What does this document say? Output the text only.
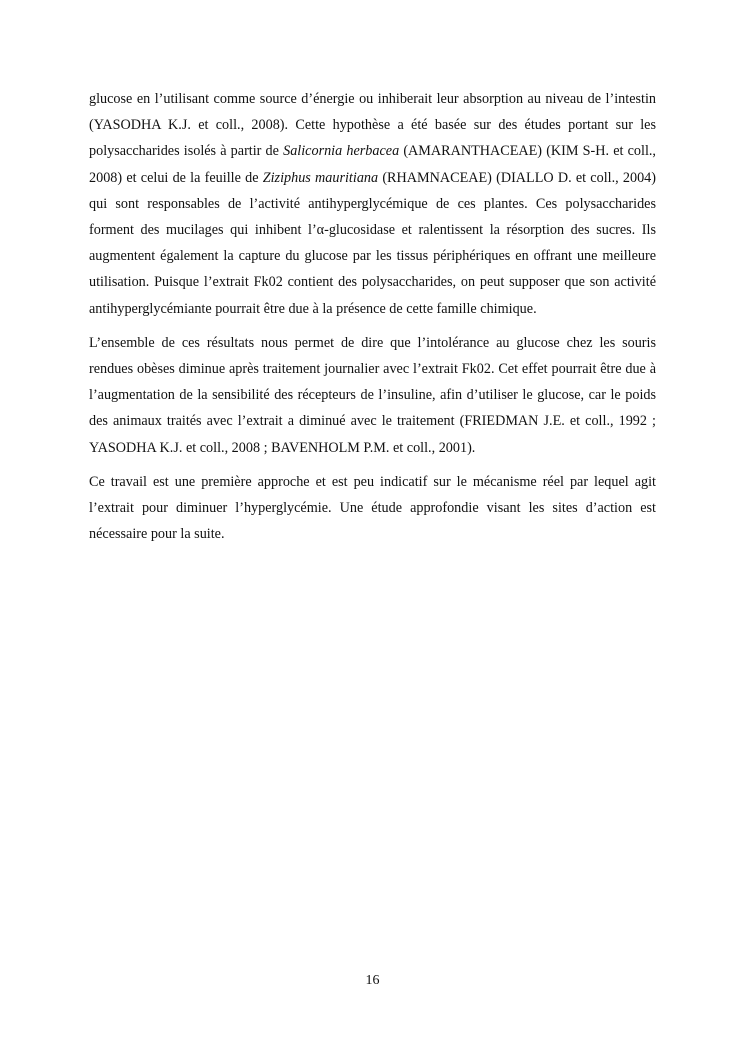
glucose en l’utilisant comme source d’énergie ou inhiberait leur absorption au niveau de l’intestin (YASODHA K.J. et coll., 2008). Cette hypothèse a été basée sur des études portant sur les polysaccharides isolés à partir de Salicornia herbacea (AMARANTHACEAE) (KIM S-H. et coll., 2008) et celui de la feuille de Ziziphus mauritiana (RHAMNACEAE) (DIALLO D. et coll., 2004) qui sont responsables de l’activité antihyperglycémique de ces plantes. Ces polysaccharides forment des mucilages qui inhibent l’α-glucosidase et ralentissent la résorption des sucres. Ils augmentent également la capture du glucose par les tissus périphériques en offrant une meilleure utilisation. Puisque l’extrait Fk02 contient des polysaccharides, on peut supposer que son activité antihyperglycémiante pourrait être due à la présence de cette famille chimique.

L’ensemble de ces résultats nous permet de dire que l’intolérance au glucose chez les souris rendues obèses diminue après traitement journalier avec l’extrait Fk02. Cet effet pourrait être due à l’augmentation de la sensibilité des récepteurs de l’insuline, afin d’utiliser le glucose, car le poids des animaux traités avec l’extrait a diminué avec le traitement (FRIEDMAN J.E. et coll., 1992 ; YASODHA K.J. et coll., 2008 ; BAVENHOLM P.M. et coll., 2001).

Ce travail est une première approche et est peu indicatif sur le mécanisme réel par lequel agit l’extrait pour diminuer l’hyperglycémie. Une étude approfondie visant les sites d’action est nécessaire pour la suite.

16
